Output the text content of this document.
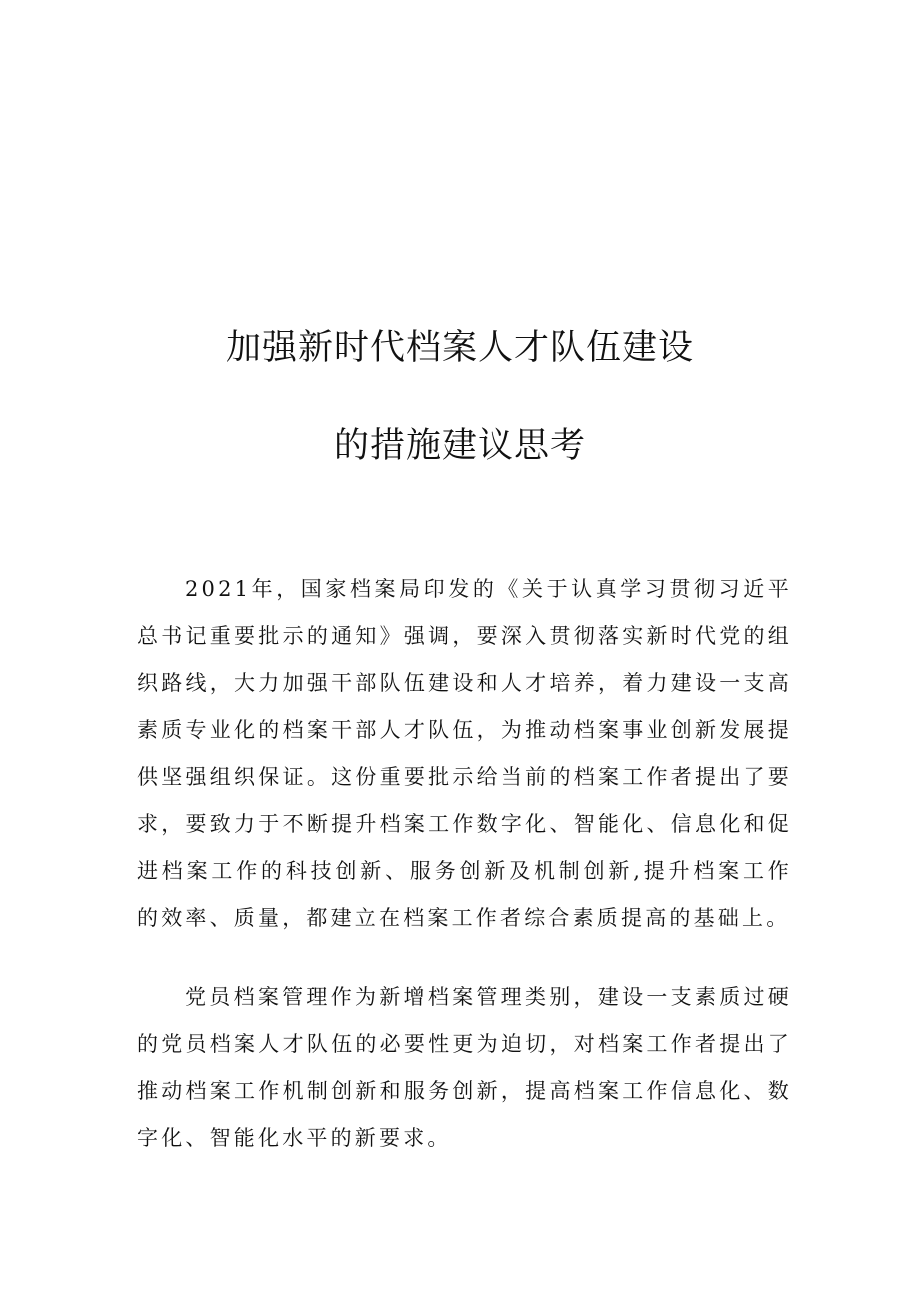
加强新时代档案人才队伍建设
的措施建议思考

2021年，国家档案局印发的《关于认真学习贯彻习近平总书记重要批示的通知》强调，要深入贯彻落实新时代党的组织路线，大力加强干部队伍建设和人才培养，着力建设一支高素质专业化的档案干部人才队伍，为推动档案事业创新发展提供坚强组织保证。这份重要批示给当前的档案工作者提出了要求，要致力于不断提升档案工作数字化、智能化、信息化和促进档案工作的科技创新、服务创新及机制创新,提升档案工作的效率、质量，都建立在档案工作者综合素质提高的基础上。

党员档案管理作为新增档案管理类别，建设一支素质过硬的党员档案人才队伍的必要性更为迫切，对档案工作者提出了推动档案工作机制创新和服务创新，提高档案工作信息化、数字化、智能化水平的新要求。
